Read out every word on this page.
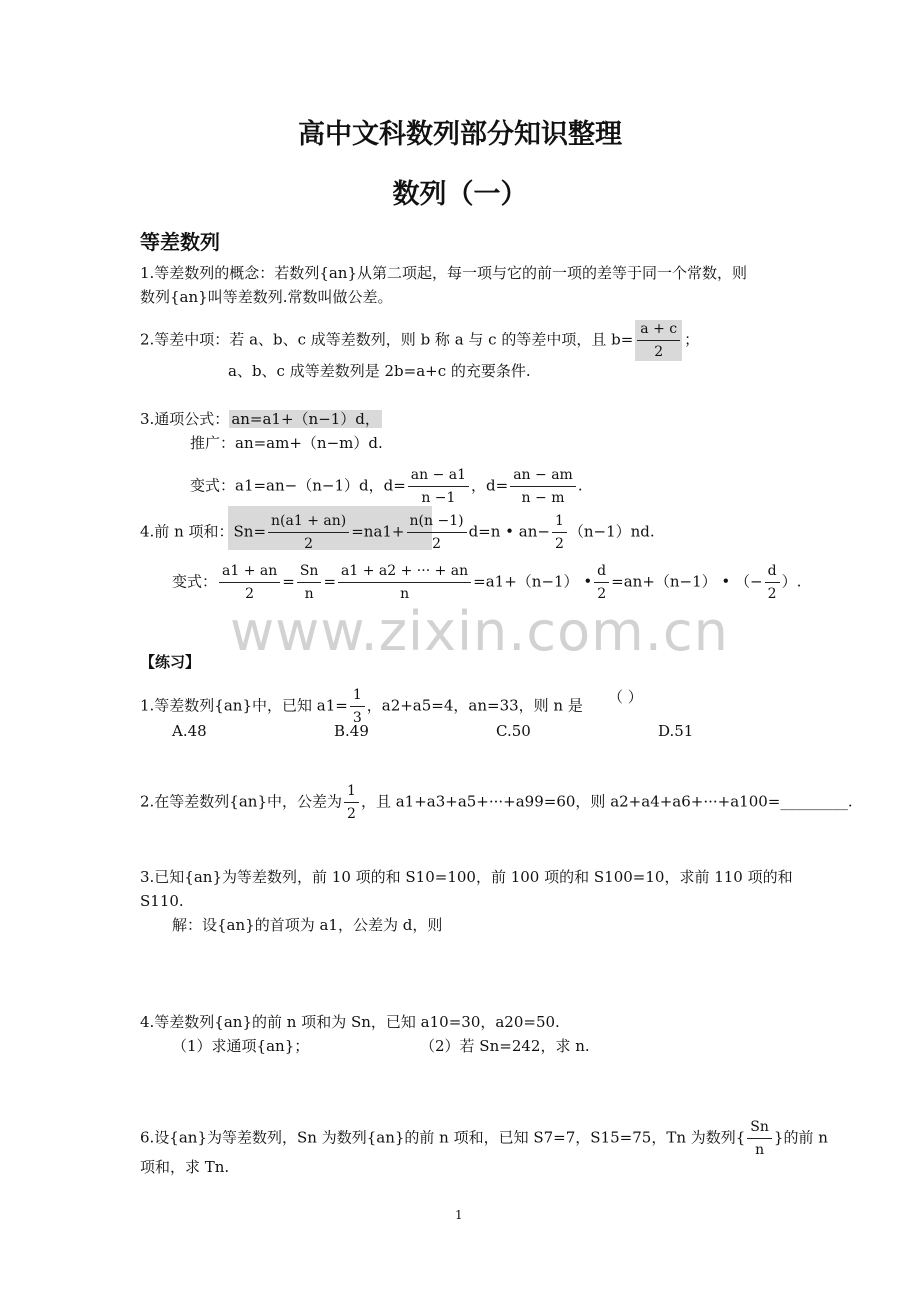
高中文科数列部分知识整理
数列（一）
等差数列
www.zixin.com.cn
1.等差数列的概念：若数列{an}从第二项起，每一项与它的前一项的差等于同一个常数，则
数列{an}叫等差数列.常数叫做公差。
2.等差中项：若 a、b、c 成等差数列，则 b 称 a 与 c 的等差中项，且 $b= \frac{a + c}{2}$ ；
a、b、c 成等差数列是 2b=a+c 的充要条件.
3.通项公式： an=a1+（n−1）d，
推广：an=am+（n−m）d.
变式：a1=an−（n−1）d，$d= \frac{an - a1}{n -1}$ ，$d= \frac{an - am}{n - m}$ .
4.前 n 项和：$Sn= \frac{n(a1 + an)}{2} =na1+ \frac{n(n -1)}{2} d=n$ • $an- \frac{1}{2} (n-1)nd$.
变式： $\frac{a1 + an}{2} = \frac{Sn}{n} = \frac{a1 + a2 + \cdot\cdot\cdot + an}{n} =a1+(n-1)$ • $\frac{d}{2} =an+(n-1)$ • （− $\frac{d}{2}$ ）.
【练习】
1.等差数列{an}中，已知 $a1= \frac{1}{3}$ ，a2+a5=4，an=33，则 n 是 （ ）
A.48	B.49	C.50	D.51
2.在等差数列{an}中，公差为 $\frac{1}{2}$ ，且 a1+a3+a5+···+a99=60，则 a2+a4+a6+···+a100=_________.
3.已知{an}为等差数列，前 10 项的和 S10=100，前 100 项的和 S100=10，求前 110 项的和
S110.
解：设{an}的首项为 a1，公差为 d，则
4.等差数列{an}的前 n 项和为 Sn，已知 a10=30，a20=50.
（1）求通项{an}；	（2）若 Sn=242，求 n.
6.设{an}为等差数列，Sn 为数列{an}的前 n 项和，已知 S7=7，S15=75，Tn 为数列{ $\frac{Sn}{n}$ }的前 n
项和，求 Tn.
1
